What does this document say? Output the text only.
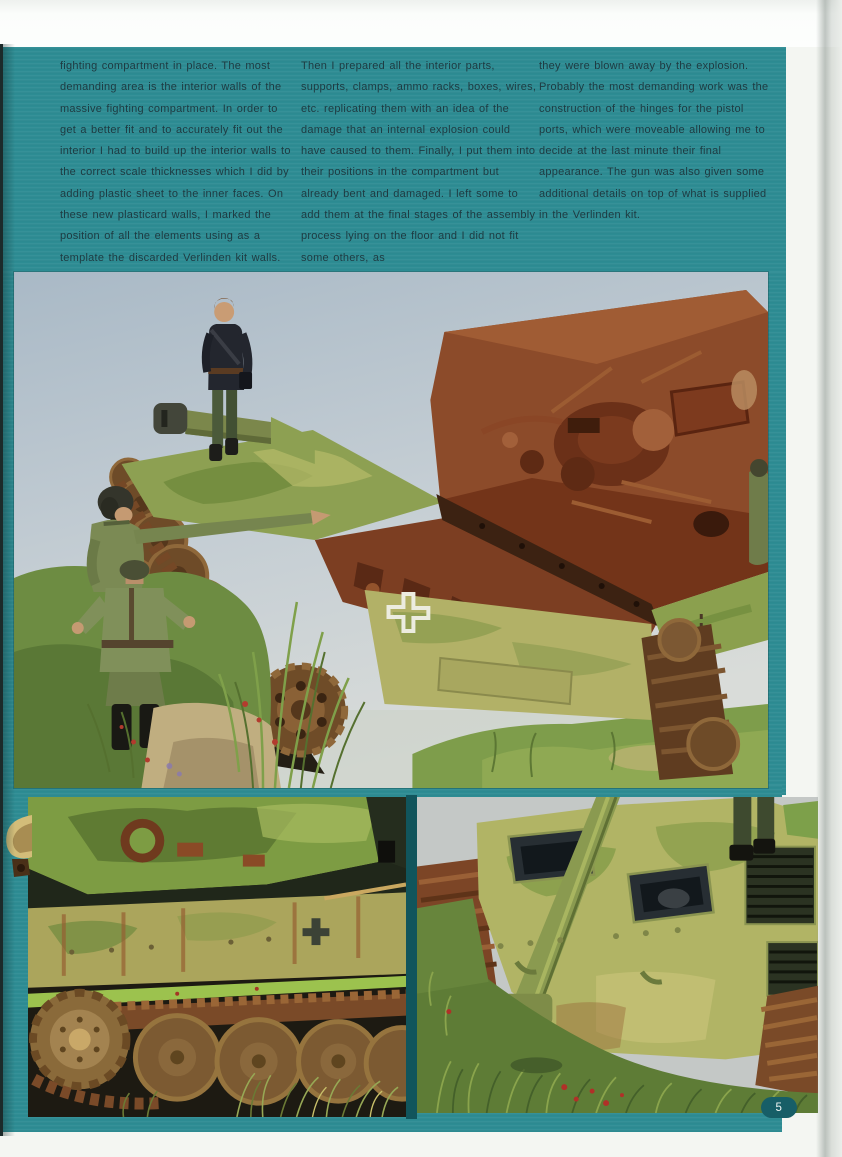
fighting compartment in place. The most demanding area is the interior walls of the massive fighting compartment. In order to get a better fit and to accurately fit out the interior I had to build up the interior walls to the correct scale thicknesses which I did by adding plastic sheet to the inner faces. On these new plasticard walls, I marked the position of all the elements using as a template the discarded Verlinden kit walls.
Then I prepared all the interior parts, supports, clamps, ammo racks, boxes, wires, etc. replicating them with an idea of the damage that an internal explosion could have caused to them. Finally, I put them into their positions in the compartment but already bent and damaged. I left some to add them at the final stages of the assembly process lying on the floor and I did not fit some others, as
they were blown away by the explosion. Probably the most demanding work was the construction of the hinges for the pistol ports, which were moveable allowing me to decide at the last minute their final appearance. The gun was also given some additional details on top of what is supplied in the Verlinden kit.
5
